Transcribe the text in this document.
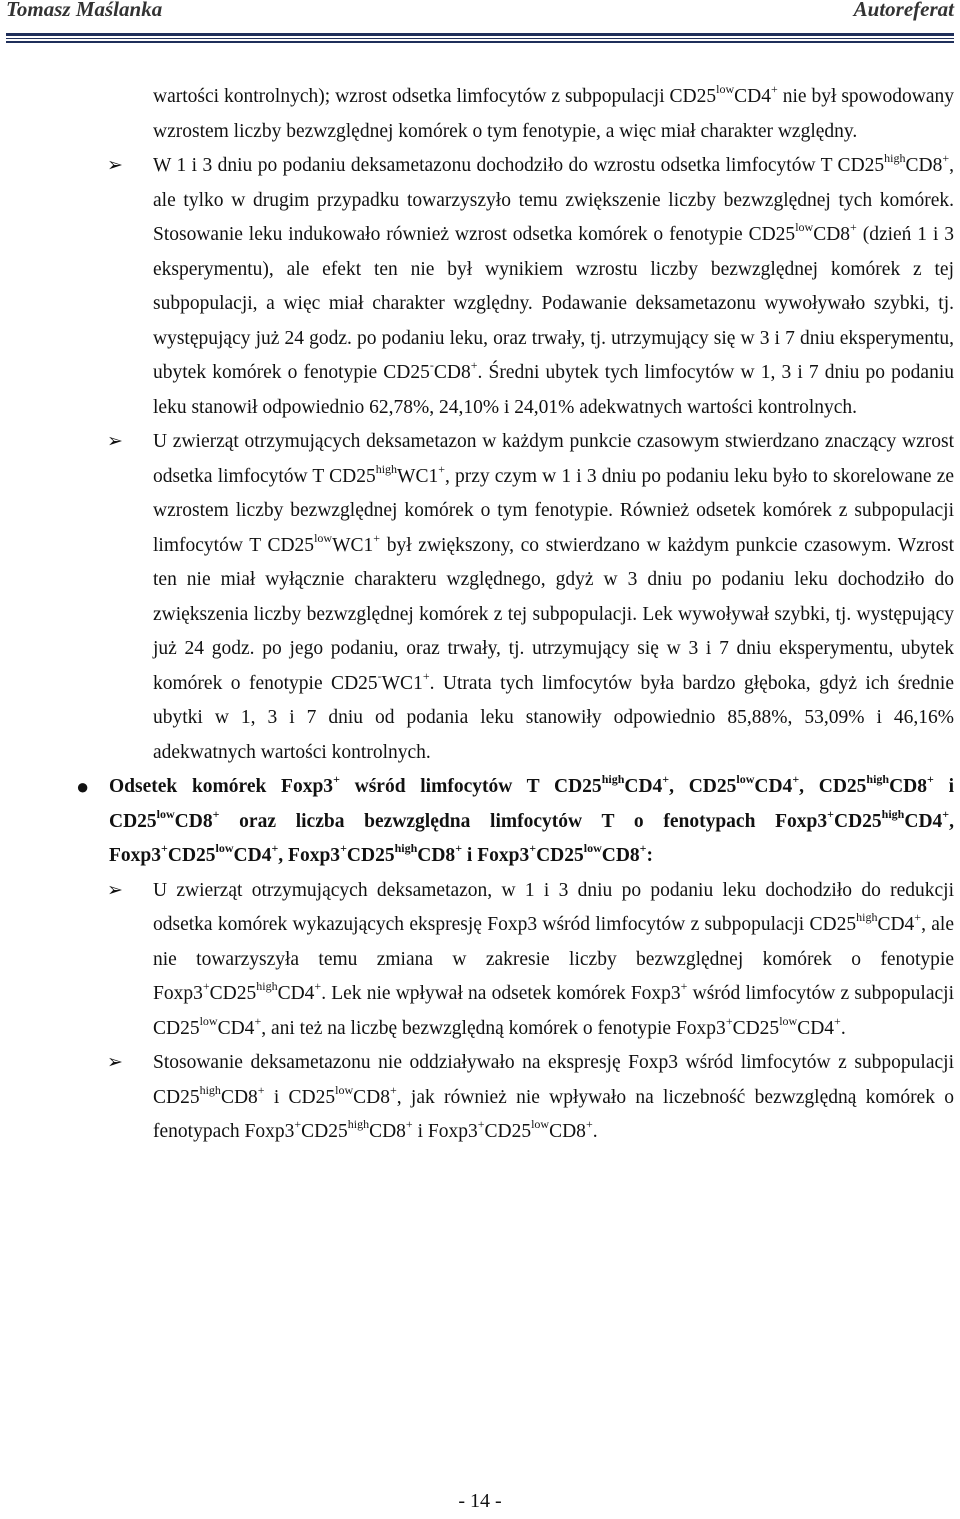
Tomasz Maślanka	Autoreferat
wartości kontrolnych); wzrost odsetka limfocytów z subpopulacji $CD25^{low}CD4^+$ nie był spowodowany wzrostem liczby bezwzględnej komórek o tym fenotypie, a więc miał charakter względny.
➢ W 1 i 3 dniu po podaniu deksametazonu dochodziło do wzrostu odsetka limfocytów T $CD25^{high}CD8^+$, ale tylko w drugim przypadku towarzyszyło temu zwiększenie liczby bezwzględnej tych komórek. Stosowanie leku indukowało również wzrost odsetka komórek o fenotypie $CD25^{low}CD8^+$ (dzień 1 i 3 eksperymentu), ale efekt ten nie był wynikiem wzrostu liczby bezwzględnej komórek z tej subpopulacji, a więc miał charakter względny. Podawanie deksametazonu wywoływało szybki, tj. występujący już 24 godz. po podaniu leku, oraz trwały, tj. utrzymujący się w 3 i 7 dniu eksperymentu, ubytek komórek o fenotypie CD25-CD8+. Średni ubytek tych limfocytów w 1, 3 i 7 dniu po podaniu leku stanowił odpowiednio 62,78%, 24,10% i 24,01% adekwatnych wartości kontrolnych.
➢ U zwierząt otrzymujących deksametazon w każdym punkcie czasowym stwierdzano znaczący wzrost odsetka limfocytów T $CD25^{high}WC1^+$, przy czym w 1 i 3 dniu po podaniu leku było to skorelowane ze wzrostem liczby bezwzględnej komórek o tym fenotypie. Również odsetek komórek z subpopulacji limfocytów T $CD25^{low}WC1^+$ był zwiększony, co stwierdzano w każdym punkcie czasowym. Wzrost ten nie miał wyłącznie charakteru względnego, gdyż w 3 dniu po podaniu leku dochodziło do zwiększenia liczby bezwzględnej komórek z tej subpopulacji. Lek wywoływał szybki, tj. występujący już 24 godz. po jego podaniu, oraz trwały, tj. utrzymujący się w 3 i 7 dniu eksperymentu, ubytek komórek o fenotypie CD25-WC1+. Utrata tych limfocytów była bardzo głęboka, gdyż ich średnie ubytki w 1, 3 i 7 dniu od podania leku stanowiły odpowiednio 85,88%, 53,09% i 46,16% adekwatnych wartości kontrolnych.
● Odsetek komórek Foxp3+ wśród limfocytów T $CD25^{high}CD4^+$, $CD25^{low}CD4^+$, $CD25^{high}CD8^+$ i $CD25^{low}CD8^+$ oraz liczba bezwzględna limfocytów T o fenotypach $Foxp3^+CD25^{high}CD4^+$, $Foxp3^+CD25^{low}CD4^+$, $Foxp3^+CD25^{high}CD8^+$ i $Foxp3^+CD25^{low}CD8^+$:
➢ U zwierząt otrzymujących deksametazon, w 1 i 3 dniu po podaniu leku dochodziło do redukcji odsetka komórek wykazujących ekspresję Foxp3 wśród limfocytów z subpopulacji $CD25^{high}CD4^+$, ale nie towarzyszyła temu zmiana w zakresie liczby bezwzględnej komórek o fenotypie $Foxp3^+CD25^{high}CD4^+$. Lek nie wpływał na odsetek komórek Foxp3+ wśród limfocytów z subpopulacji $CD25^{low}CD4^+$, ani też na liczbę bezwzględną komórek o fenotypie $Foxp3^+CD25^{low}CD4^+$.
➢ Stosowanie deksametazonu nie oddziaływało na ekspresję Foxp3 wśród limfocytów z subpopulacji $CD25^{high}CD8^+$ i $CD25^{low}CD8^+$, jak również nie wpływało na liczebność bezwzględną komórek o fenotypach $Foxp3^+CD25^{high}CD8^+$ i $Foxp3^+CD25^{low}CD8^+$.
- 14 -
